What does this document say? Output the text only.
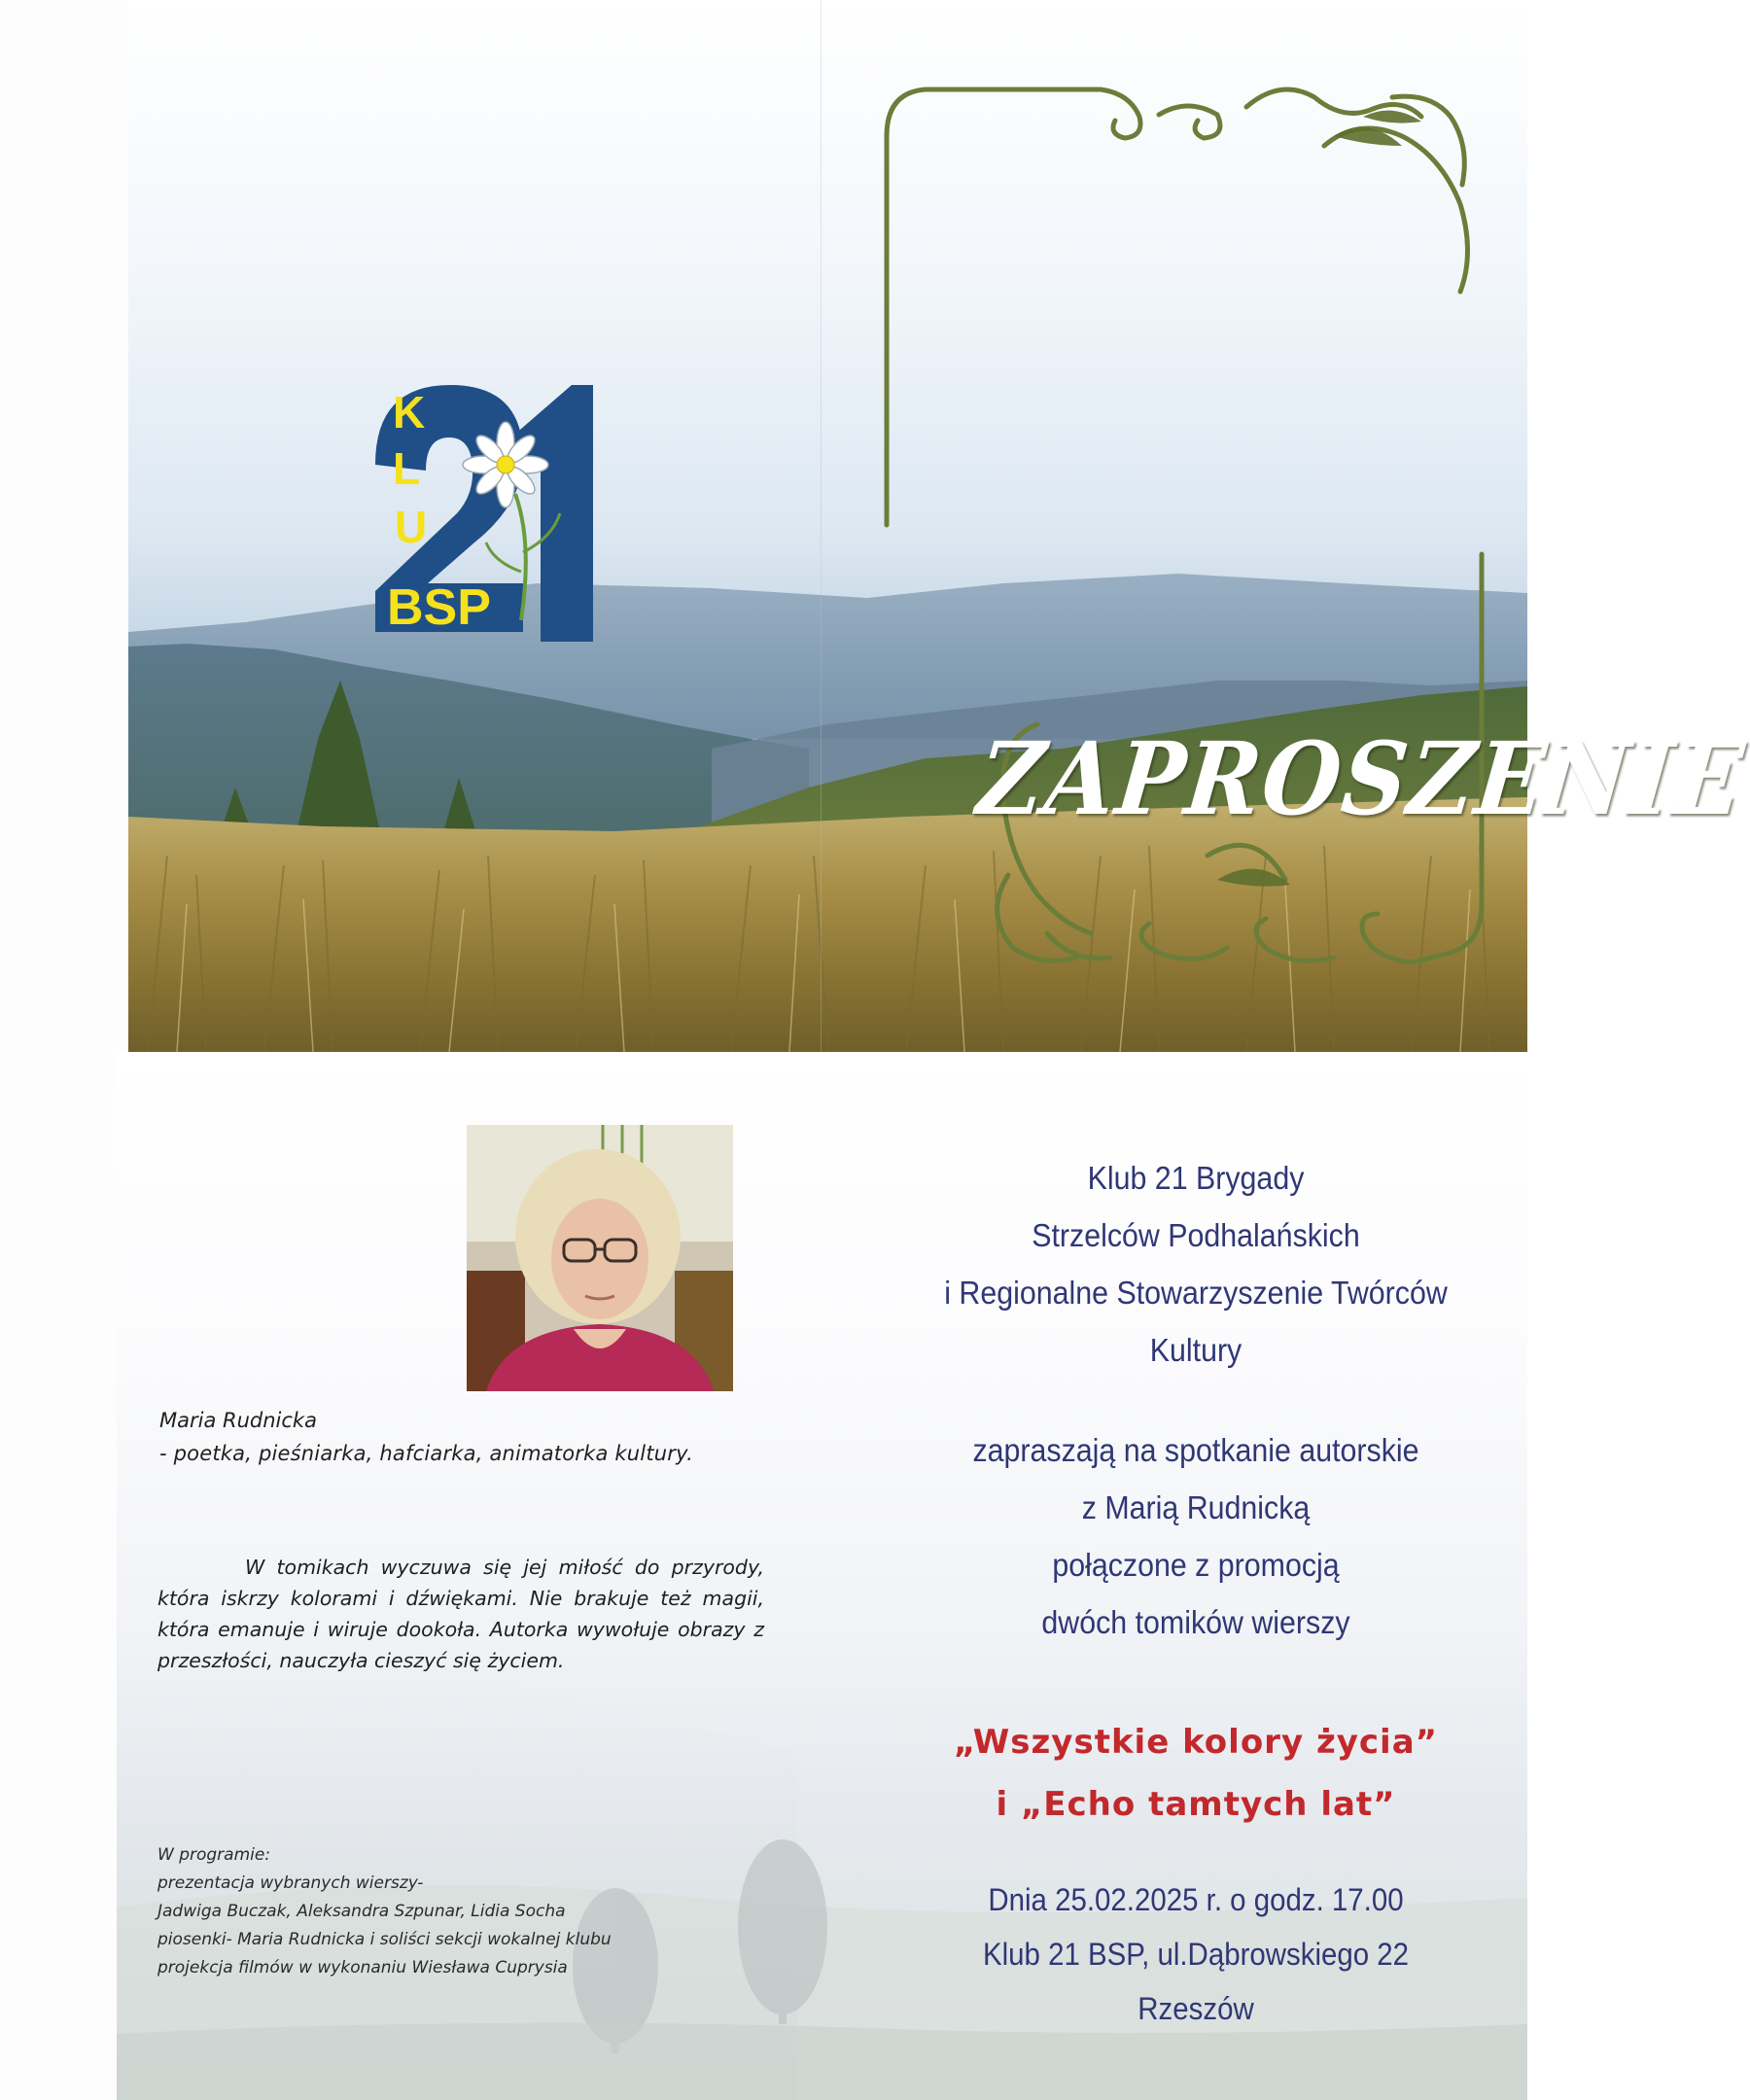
K
L
U
BSP
ZAPROSZENIE
Maria Rudnicka
- poetka, pieśniarka, hafciarka, animatorka kultury.
W tomikach wyczuwa się jej miłość do przyrody, która iskrzy kolorami i dźwiękami. Nie brakuje też magii, która emanuje i wiruje dookoła. Autorka wywołuje obrazy z przeszłości, nauczyła cieszyć się życiem.
W programie:
prezentacja wybranych wierszy-
Jadwiga Buczak, Aleksandra Szpunar, Lidia Socha
piosenki- Maria Rudnicka i soliści sekcji wokalnej klubu
projekcja filmów w wykonaniu Wiesława Cuprysia
Klub 21 Brygady
Strzelców Podhalańskich
i Regionalne Stowarzyszenie Twórców
Kultury
zapraszają na spotkanie autorskie
z Marią Rudnicką
połączone z promocją
dwóch tomików wierszy
„Wszystkie kolory życia”
i „Echo tamtych lat”
Dnia 25.02.2025 r. o godz. 17.00
Klub 21 BSP, ul.Dąbrowskiego 22
Rzeszów
